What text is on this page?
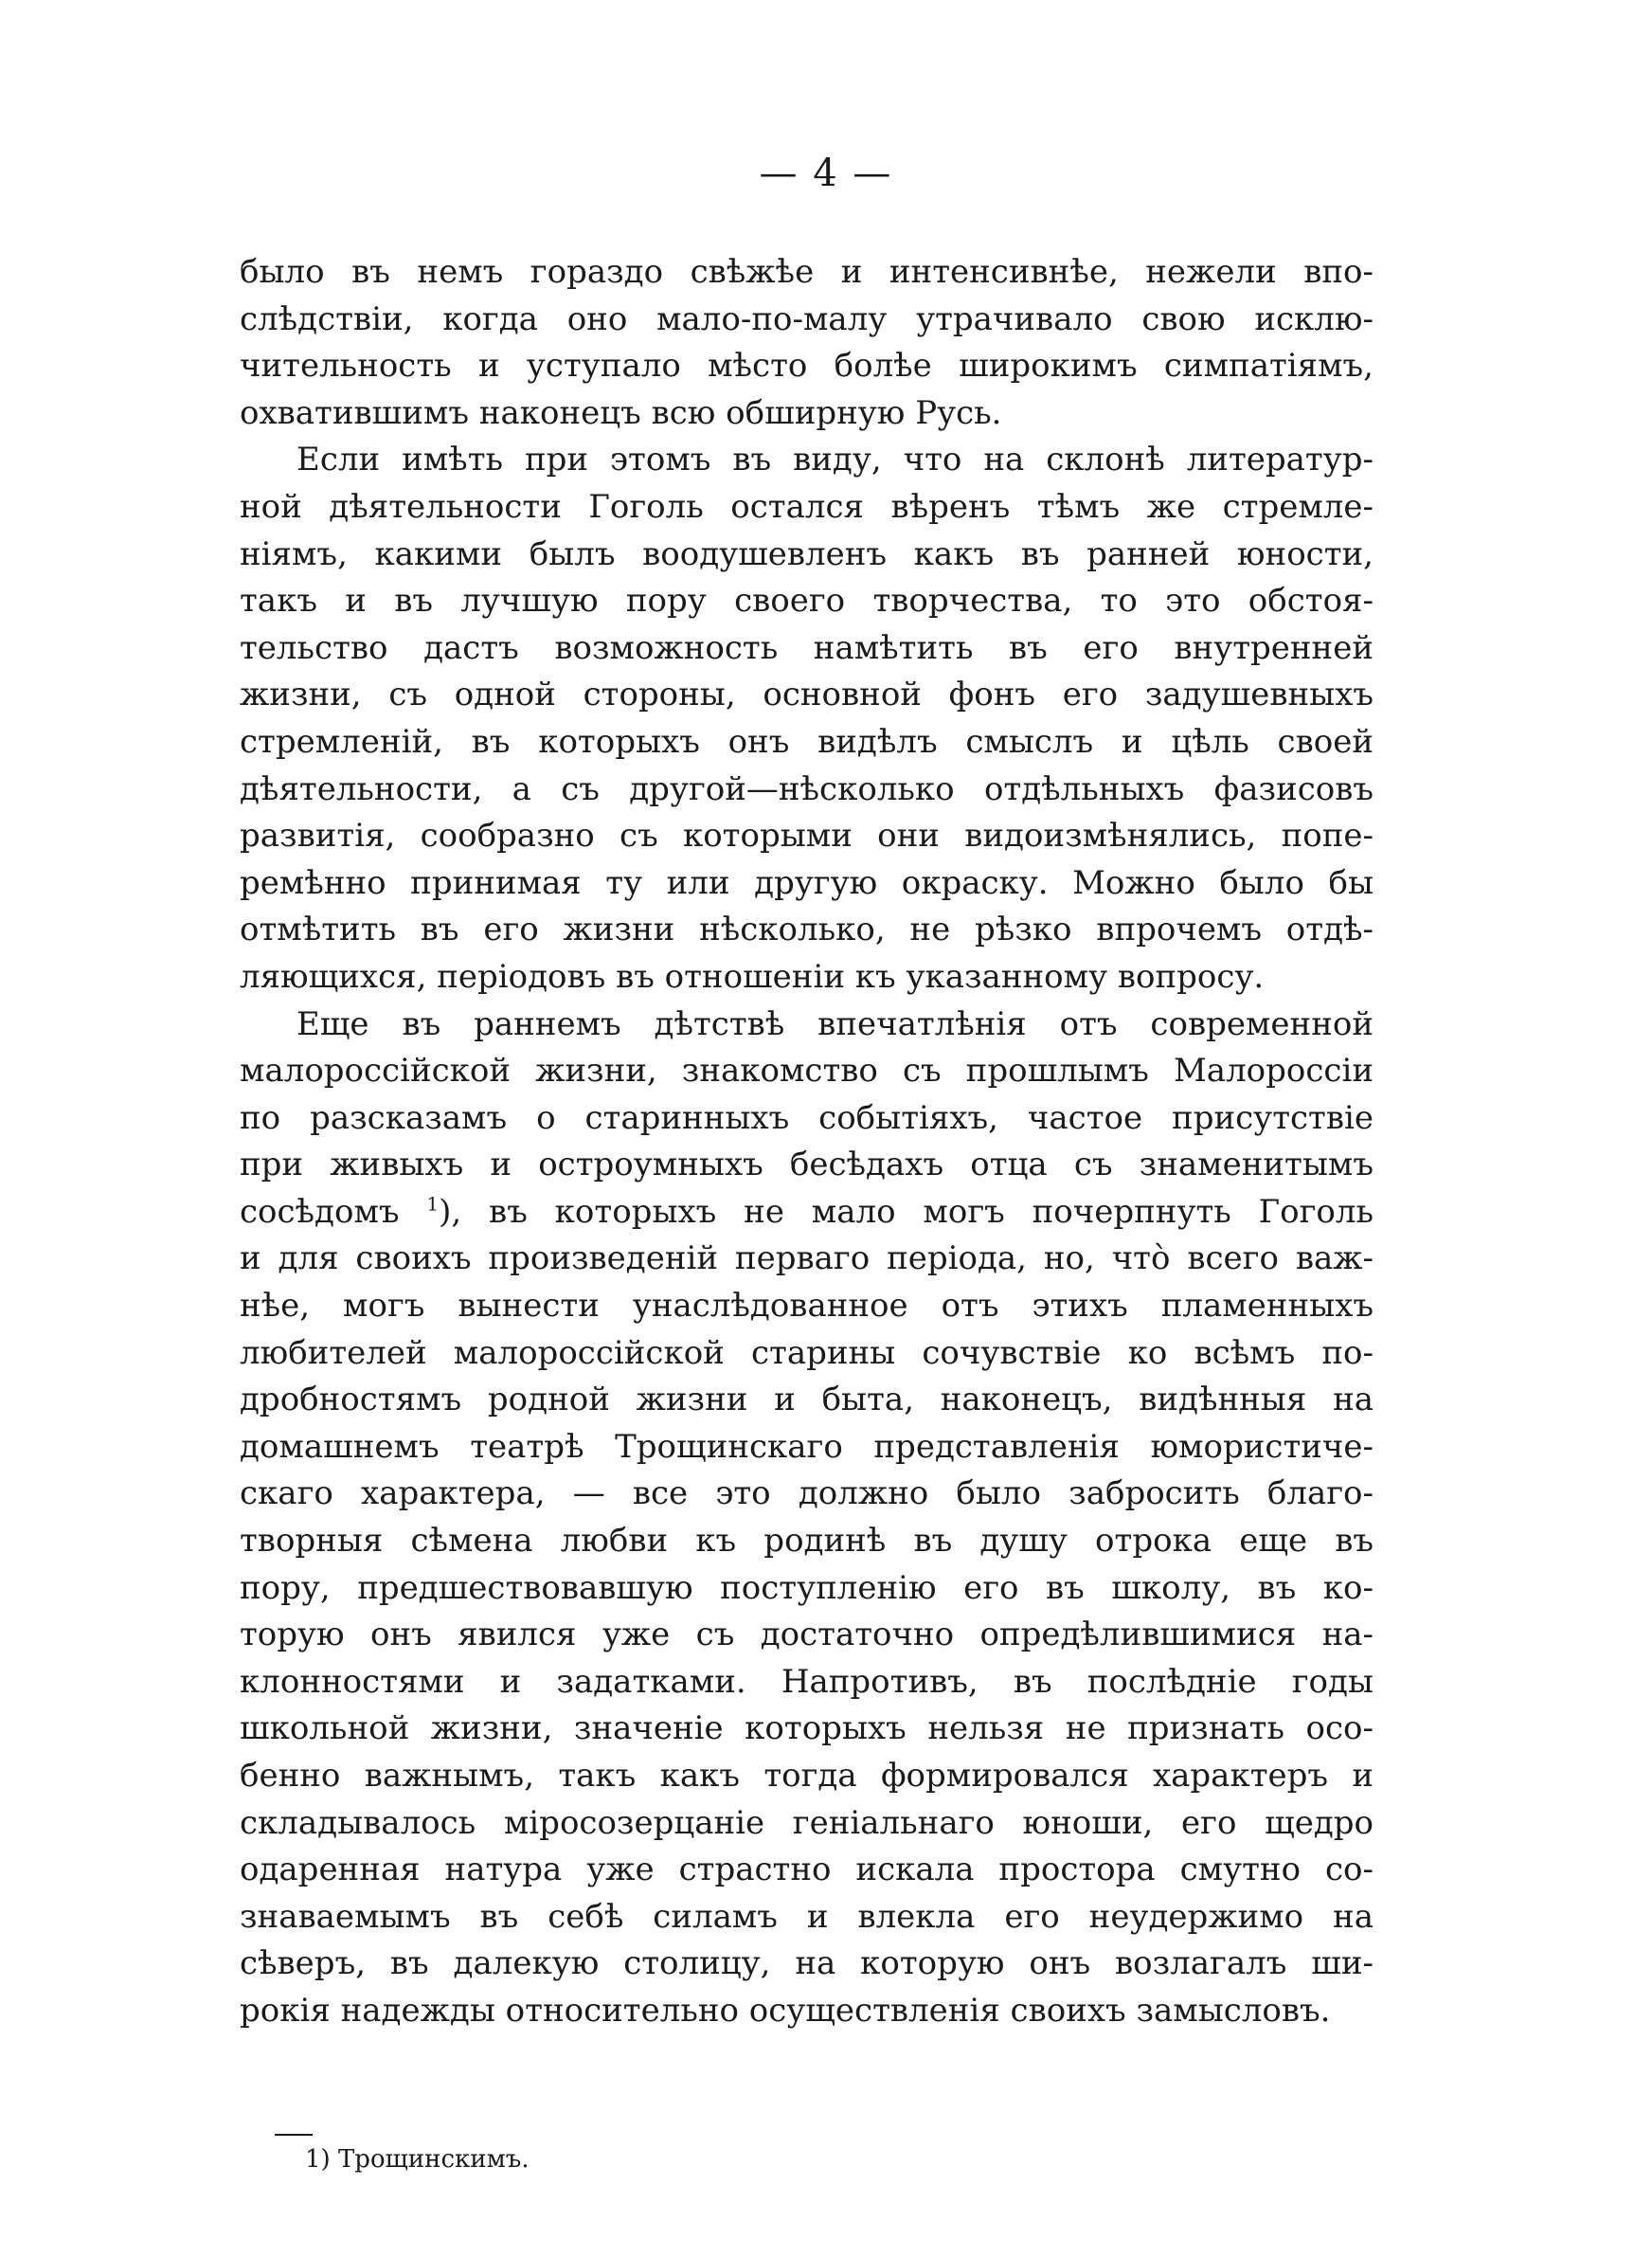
— 4 —
было въ немъ гораздо свѣжѣе и интенсивнѣе, нежели впо-
слѣдствіи, когда оно мало-по-малу утрачивало свою исклю-
чительность и уступало мѣсто болѣе широкимъ симпатіямъ,
охватившимъ наконецъ всю обширную Русь.
Если имѣть при этомъ въ виду, что на склонѣ литератур-
ной дѣятельности Гоголь остался вѣренъ тѣмъ же стремле-
ніямъ, какими былъ воодушевленъ какъ въ ранней юности,
такъ и въ лучшую пору своего творчества, то это обстоя-
тельство дастъ возможность намѣтить въ его внутренней
жизни, съ одной стороны, основной фонъ его задушевныхъ
стремленій, въ которыхъ онъ видѣлъ смыслъ и цѣль своей
дѣятельности, а съ другой—нѣсколько отдѣльныхъ фазисовъ
развитія, сообразно съ которыми они видоизмѣнялись, попе-
ремѣнно принимая ту или другую окраску. Можно было бы
отмѣтить въ его жизни нѣсколько, не рѣзко впрочемъ отдѣ-
ляющихся, періодовъ въ отношеніи къ указанному вопросу.
Еще въ раннемъ дѣтствѣ впечатлѣнія отъ современной
малороссійской жизни, знакомство съ прошлымъ Малороссіи
по разсказамъ о старинныхъ событіяхъ, частое присутствіе
при живыхъ и остроумныхъ бесѣдахъ отца съ знаменитымъ
сосѣдомъ $^1$), въ которыхъ не мало могъ почерпнуть Гоголь
и для своихъ произведеній перваго періода, но, что̀ всего важ-
нѣе, могъ вынести унаслѣдованное отъ этихъ пламенныхъ
любителей малороссійской старины сочувствіе ко всѣмъ по-
дробностямъ родной жизни и быта, наконецъ, видѣнныя на
домашнемъ театрѣ Трощинскаго представленія юмористиче-
скаго характера, — все это должно было забросить благо-
творныя сѣмена любви къ родинѣ въ душу отрока еще въ
пору, предшествовавшую поступленію его въ школу, въ ко-
торую онъ явился уже съ достаточно опредѣлившимися на-
клонностями и задатками. Напротивъ, въ послѣдніе годы
школьной жизни, значеніе которыхъ нельзя не признать осо-
бенно важнымъ, такъ какъ тогда формировался характеръ и
складывалось міросозерцаніе геніальнаго юноши, его щедро
одаренная натура уже страстно искала простора смутно со-
знаваемымъ въ себѣ силамъ и влекла его неудержимо на
сѣверъ, въ далекую столицу, на которую онъ возлагалъ ши-
рокія надежды относительно осуществленія своихъ замысловъ.
1) Трощинскимъ.
